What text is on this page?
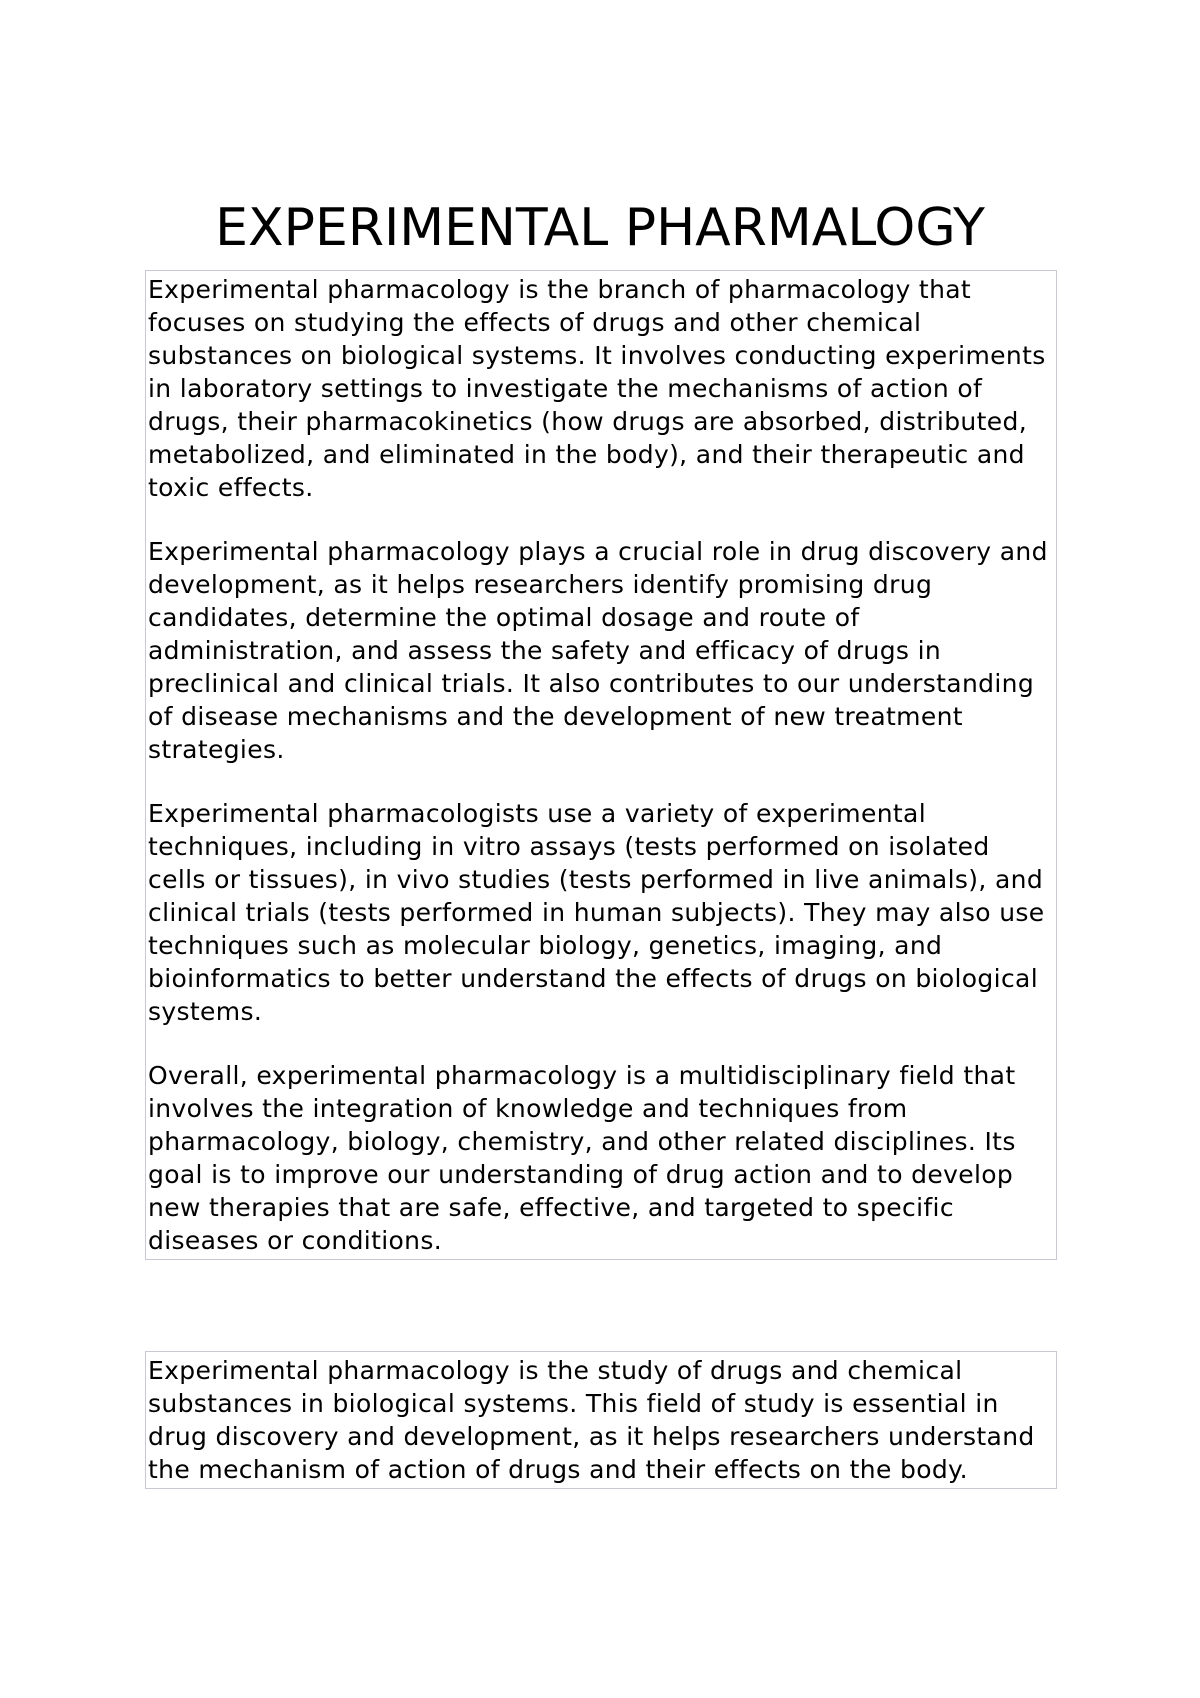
EXPERIMENTAL PHARMALOGY

Experimental pharmacology is the branch of pharmacology that focuses on studying the effects of drugs and other chemical substances on biological systems. It involves conducting experiments in laboratory settings to investigate the mechanisms of action of drugs, their pharmacokinetics (how drugs are absorbed, distributed, metabolized, and eliminated in the body), and their therapeutic and toxic effects.

Experimental pharmacology plays a crucial role in drug discovery and development, as it helps researchers identify promising drug candidates, determine the optimal dosage and route of administration, and assess the safety and efficacy of drugs in preclinical and clinical trials. It also contributes to our understanding of disease mechanisms and the development of new treatment strategies.

Experimental pharmacologists use a variety of experimental techniques, including in vitro assays (tests performed on isolated cells or tissues), in vivo studies (tests performed in live animals), and clinical trials (tests performed in human subjects). They may also use techniques such as molecular biology, genetics, imaging, and bioinformatics to better understand the effects of drugs on biological systems.

Overall, experimental pharmacology is a multidisciplinary field that involves the integration of knowledge and techniques from pharmacology, biology, chemistry, and other related disciplines. Its goal is to improve our understanding of drug action and to develop new therapies that are safe, effective, and targeted to specific diseases or conditions.

Experimental pharmacology is the study of drugs and chemical substances in biological systems. This field of study is essential in drug discovery and development, as it helps researchers understand the mechanism of action of drugs and their effects on the body.
